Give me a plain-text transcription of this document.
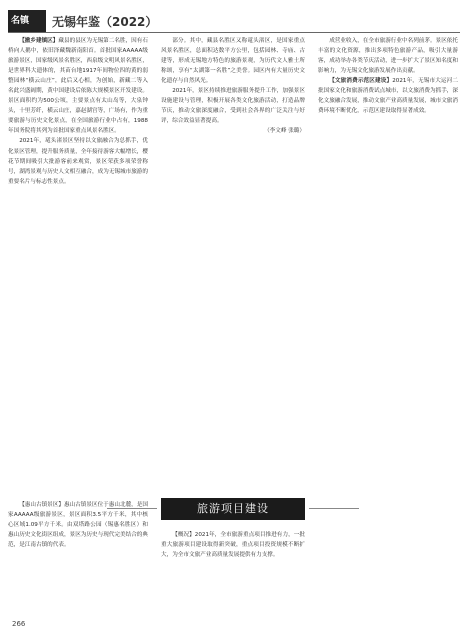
名镇 无锡年鉴（2022）

【撤乡建镇区】藏县的县区为无锡第二名胜，因有石桥向人鹅中，依旧泽藏魏新南阳首。首批国家AAAAA级旅游景区，国家级风景名胜区，西泉级文明风景名胜区，是世界科大遗体的，其苗台地1917年间物位四的黄的弱整园林“横云山庄”，此后又心相，为创始，新藏二等入名此兴盛阔期，黄中国建设后依陈大规模景区开发建设。景区面积约为500公顷，主要景点有太山岛等，大泉钟头，十里芳纤，横云山庄，嘉赵湖宫等，广场有，作为重要旅游与历史文化景点，在全国旅游行业中占有，1988年国务院将其列为首批国家重点风景名胜区。

2021年，鼋头渚景区坚持以文旅融合为总抓手，优化景区管理，提升服务质量，全年接待游客大幅增长，樱花节期间吸引大批游客前来观赏，景区荣获多项荣誉称号，湖湾景观与历史人文相互融合，成为无锡城市旅游的重要名片与标志性景点。

部分。其中，藏县名胜区又称鼋头渚区，是国家重点风景名胜区，总面积达数平方公里，包括园林、寺庙、古建等，形成无锡地方特色的旅游景观，为历代文人雅士所称颂，享有“太湖第一名胜”之美誉。园区内有大量历史文化遗存与自然风光。

2021年，景区持续推进旅游服务提升工作，加强景区设施建设与管理，积极开展各类文化旅游活动，打造品牌节庆，推动文旅深度融合，受到社会各界的广泛关注与好评，综合效益显著提高。

（李文峰 张璐）

成营业收入，在全市旅游行业中名列前茅。景区依托丰富的文化资源，推出多项特色旅游产品，吸引大量游客，成功举办各类节庆活动，进一步扩大了景区知名度和影响力，为无锡文化旅游发展作出贡献。

【文旅消费示范区建设】2021年，无锡市大运河二批国家文化和旅游消费试点城市，以文旅消费为抓手，深化文旅融合发展，推动文旅产业高质量发展，城市文旅消费环境不断优化，示范区建设取得显著成效。

旅游项目建设

【惠山古镇景区】惠山古镇景区位于惠山北麓，是国家AAAAA级旅游景区，景区面积3.5平方千米，其中核心区域1.09平方千米。由双塔路公园（锡惠名胜区）和惠山历史文化街区组成，景区为历史与现代完美结合的典范，是江南古镇的代表。

【概况】2021年，全市旅游重点项目推进有力，一批重大旅游项目建设取得新突破，重点项目投资规模不断扩大，为全市文旅产业高质量发展提供有力支撑。

266
